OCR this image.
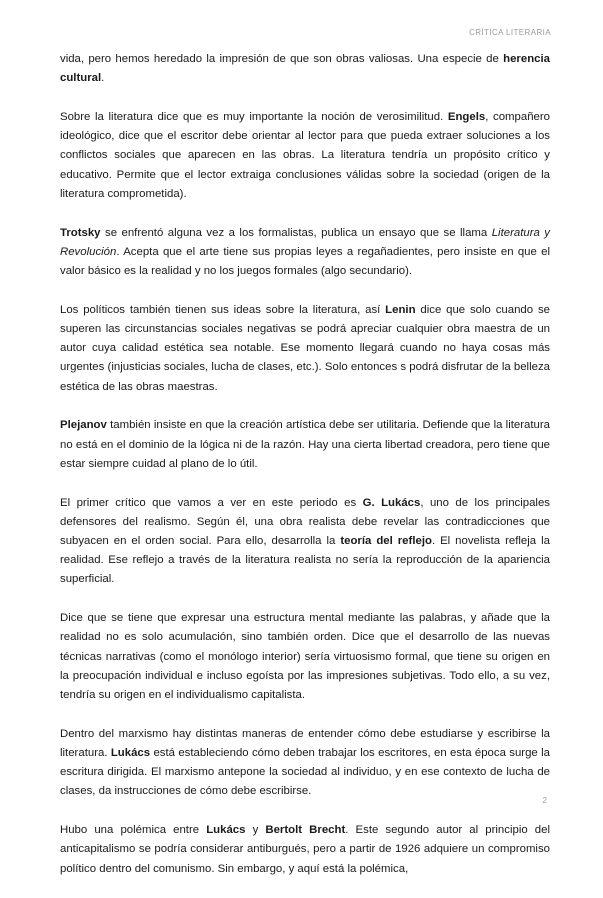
CRÍTICA LITERARIA

vida, pero hemos heredado la impresión de que son obras valiosas. Una especie de herencia cultural.

Sobre la literatura dice que es muy importante la noción de verosimilitud. Engels, compañero ideológico, dice que el escritor debe orientar al lector para que pueda extraer soluciones a los conflictos sociales que aparecen en las obras. La literatura tendría un propósito crítico y educativo. Permite que el lector extraiga conclusiones válidas sobre la sociedad (origen de la literatura comprometida).

Trotsky se enfrentó alguna vez a los formalistas, publica un ensayo que se llama Literatura y Revolución. Acepta que el arte tiene sus propias leyes a regañadientes, pero insiste en que el valor básico es la realidad y no los juegos formales (algo secundario).

Los políticos también tienen sus ideas sobre la literatura, así Lenin dice que solo cuando se superen las circunstancias sociales negativas se podrá apreciar cualquier obra maestra de un autor cuya calidad estética sea notable. Ese momento llegará cuando no haya cosas más urgentes (injusticias sociales, lucha de clases, etc.). Solo entonces s podrá disfrutar de la belleza estética de las obras maestras.

Plejanov también insiste en que la creación artística debe ser utilitaria. Defiende que la literatura no está en el dominio de la lógica ni de la razón. Hay una cierta libertad creadora, pero tiene que estar siempre cuidad al plano de lo útil.

El primer crítico que vamos a ver en este periodo es G. Lukács, uno de los principales defensores del realismo. Según él, una obra realista debe revelar las contradicciones que subyacen en el orden social. Para ello, desarrolla la teoría del reflejo. El novelista refleja la realidad. Ese reflejo a través de la literatura realista no sería la reproducción de la apariencia superficial.

Dice que se tiene que expresar una estructura mental mediante las palabras, y añade que la realidad no es solo acumulación, sino también orden. Dice que el desarrollo de las nuevas técnicas narrativas (como el monólogo interior) sería virtuosismo formal, que tiene su origen en la preocupación individual e incluso egoísta por las impresiones subjetivas. Todo ello, a su vez, tendría su origen en el individualismo capitalista.

Dentro del marxismo hay distintas maneras de entender cómo debe estudiarse y escribirse la literatura. Lukács está estableciendo cómo deben trabajar los escritores, en esta época surge la escritura dirigida. El marxismo antepone la sociedad al individuo, y en ese contexto de lucha de clases, da instrucciones de cómo debe escribirse.

Hubo una polémica entre Lukács y Bertolt Brecht. Este segundo autor al principio del anticapitalismo se podría considerar antiburgués, pero a partir de 1926 adquiere un compromiso político dentro del comunismo. Sin embargo, y aquí está la polémica,

2
